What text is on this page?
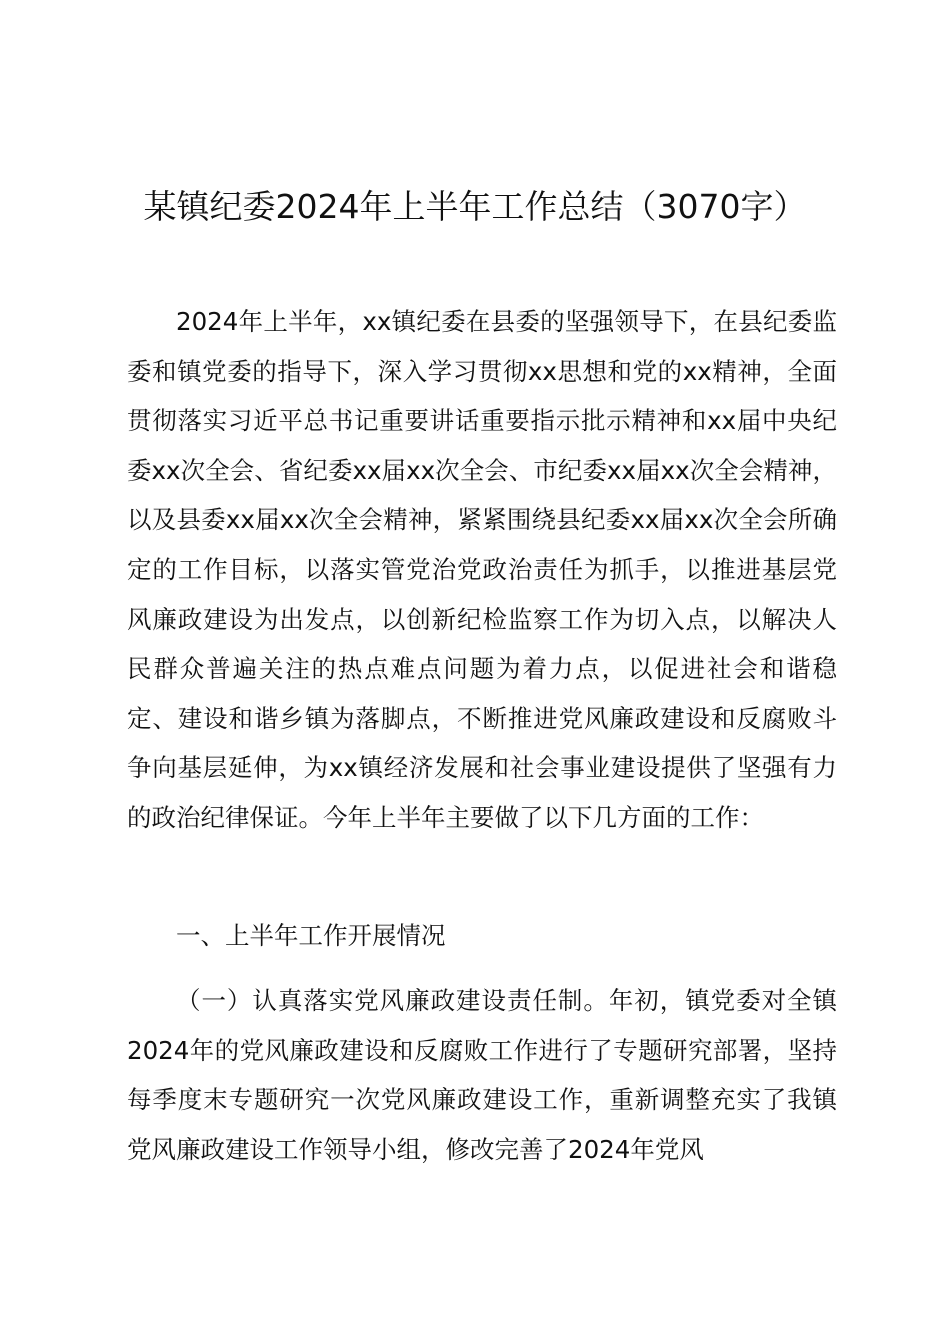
某镇纪委2024年上半年工作总结（3070字）

2024年上半年，xx镇纪委在县委的坚强领导下，在县纪委监委和镇党委的指导下，深入学习贯彻xx思想和党的xx精神，全面贯彻落实习近平总书记重要讲话重要指示批示精神和xx届中央纪委xx次全会、省纪委xx届xx次全会、市纪委xx届xx次全会精神，以及县委xx届xx次全会精神，紧紧围绕县纪委xx届xx次全会所确定的工作目标，以落实管党治党政治责任为抓手，以推进基层党风廉政建设为出发点，以创新纪检监察工作为切入点，以解决人民群众普遍关注的热点难点问题为着力点，以促进社会和谐稳定、建设和谐乡镇为落脚点，不断推进党风廉政建设和反腐败斗争向基层延伸，为xx镇经济发展和社会事业建设提供了坚强有力的政治纪律保证。今年上半年主要做了以下几方面的工作：

一、上半年工作开展情况

（一）认真落实党风廉政建设责任制。年初，镇党委对全镇2024年的党风廉政建设和反腐败工作进行了专题研究部署，坚持每季度末专题研究一次党风廉政建设工作，重新调整充实了我镇党风廉政建设工作领导小组，修改完善了2024年党风
